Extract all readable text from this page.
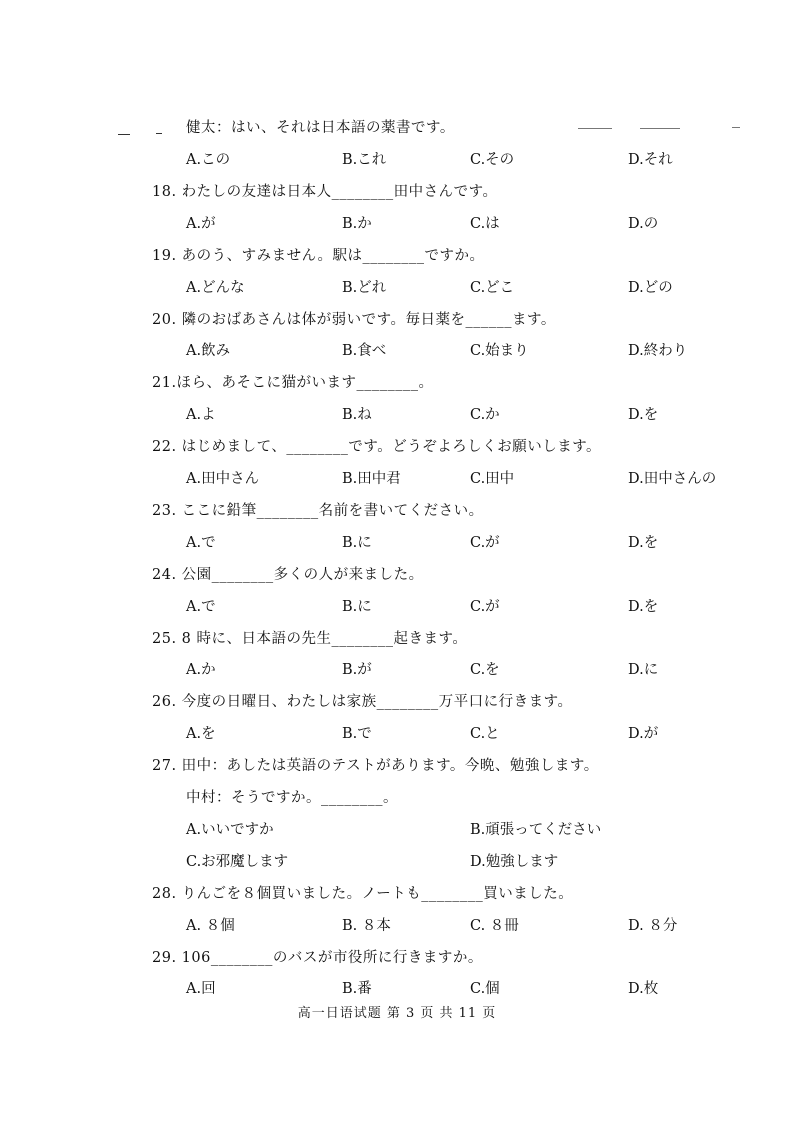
健太：はい、それは日本語の薬書です。
A.この	B.これ	C.その	D.それ
18. わたしの友達は日本人________田中さんです。
A.が	B.か	C.は	D.の
19. あのう、すみません。駅は________ですか。
A.どんな	B.どれ	C.どこ	D.どの
20. 隣のおばあさんは体が弱いです。毎日薬を______ます。
A.飲み	B.食べ	C.始まり	D.終わり
21.ほら、あそこに猫がいます________。
A.よ	B.ね	C.か	D.を
22. はじめまして、________です。どうぞよろしくお願いします。
A.田中さん	B.田中君	C.田中	D.田中さんの
23. ここに鉛筆________名前を書いてください。
A.で	B.に	C.が	D.を
24. 公園________多くの人が来ました。
A.で	B.に	C.が	D.を
25. 8 時に、日本語の先生________起きます。
A.か	B.が	C.を	D.に
26. 今度の日曜日、わたしは家族________万平口に行きます。
A.を	B.で	C.と	D.が
27. 田中：あしたは英語のテストがあります。今晩、勉強します。
中村：そうですか。________。
A.いいですか	B.頑張ってください
C.お邪魔します	D.勉強します
28. りんごを８個買いました。ノートも________買いました。
A. ８個	B. ８本	C. ８冊	D. ８分
29. 106________のバスが市役所に行きますか。
A.回	B.番	C.個	D.枚
高一日语试题 第 3 页 共 11 页
